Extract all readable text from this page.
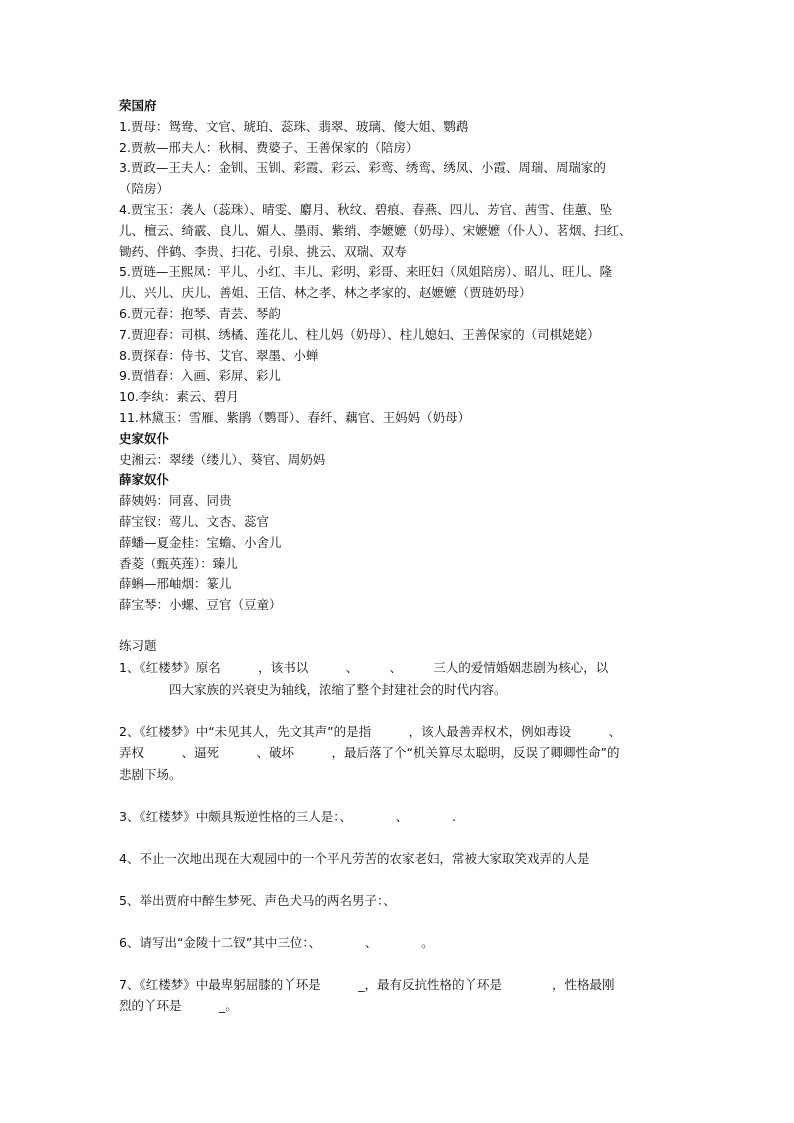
荣国府
1.贾母：鸳鸯、文官、琥珀、蕊珠、翡翠、玻璃、傻大姐、鹦鹉
2.贾赦—邢夫人：秋桐、费婆子、王善保家的（陪房）
3.贾政—王夫人：金钏、玉钏、彩霞、彩云、彩鸾、绣鸾、绣凤、小霞、周瑞、周瑞家的
（陪房）
4.贾宝玉：袭人（蕊珠）、晴雯、麝月、秋纹、碧痕、春燕、四儿、芳官、茜雪、佳蕙、坠
儿、檀云、绮霰、良儿、媚人、墨雨、紫绡、李嬷嬷（奶母）、宋嬷嬷（仆人）、茗烟、扫红、
锄药、伴鹤、李贵、扫花、引泉、挑云、双瑞、双寿
5.贾琏—王熙凤：平儿、小红、丰儿、彩明、彩哥、来旺妇（凤姐陪房）、昭儿、旺儿、隆
儿、兴儿、庆儿、善姐、王信、林之孝、林之孝家的、赵嬷嬷（贾琏奶母）
6.贾元春：抱琴、青芸、琴韵
7.贾迎春：司棋、绣橘、莲花儿、柱儿妈（奶母）、柱儿媳妇、王善保家的（司棋姥姥）
8.贾探春：侍书、艾官、翠墨、小蝉
9.贾惜春：入画、彩屏、彩儿
10.李纨：素云、碧月
11.林黛玉：雪雁、紫鹃（鹦哥）、春纤、藕官、王妈妈（奶母）
史家奴仆
史湘云：翠缕（缕儿）、葵官、周奶妈
薛家奴仆
薛姨妈：同喜、同贵
薛宝钗：莺儿、文杏、蕊官
薛蟠—夏金桂：宝蟾、小舍儿
香菱（甄英莲）：臻儿
薛蝌—邢岫烟：篆儿
薛宝琴：小螺、豆官（豆童）
练习题
1、《红楼梦》原名　　　，该书以　　　、　　　、　　　三人的爱情婚姻悲剧为核心，以
　　　　四大家族的兴衰史为轴线，浓缩了整个封建社会的时代内容。
2、《红楼梦》中“未见其人，先文其声”的是指　　　，该人最善弄权术，例如毒设　　　、
弄权　　　、逼死　　　、破坏　　　，最后落了个“机关算尽太聪明，反误了卿卿性命”的
悲剧下场。
3、《红楼梦》中颇具叛逆性格的三人是：、　　　　、　　　　.
4、不止一次地出现在大观园中的一个平凡劳苦的农家老妇，常被大家取笑戏弄的人是
5、举出贾府中醉生梦死、声色犬马的两名男子：、
6、请写出“金陵十二钗”其中三位：、　　　　、　　　　。
7、《红楼梦》中最卑躬屈膝的丫环是　　　_，最有反抗性格的丫环是　　　　，性格最刚
烈的丫环是　　　_。
